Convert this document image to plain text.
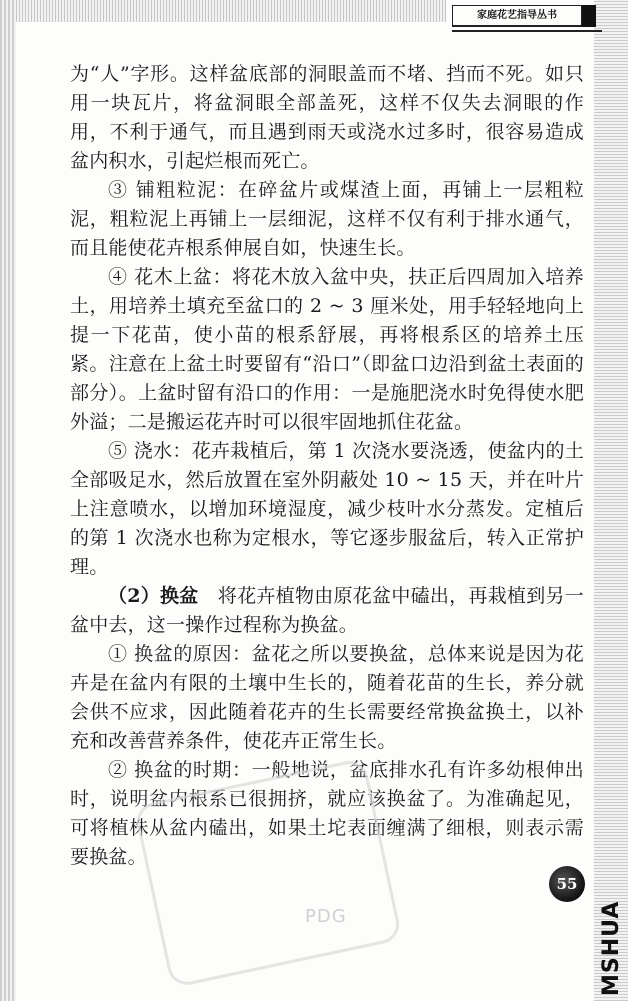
家庭花艺指导丛书

为“人”字形。这样盆底部的洞眼盖而不堵、挡而不死。如只用一块瓦片，将盆洞眼全部盖死，这样不仅失去洞眼的作用，不利于通气，而且遇到雨天或浇水过多时，很容易造成盆内积水，引起烂根而死亡。

③ 铺粗粒泥：在碎盆片或煤渣上面，再铺上一层粗粒泥，粗粒泥上再铺上一层细泥，这样不仅有利于排水通气，而且能使花卉根系伸展自如，快速生长。

④ 花木上盆：将花木放入盆中央，扶正后四周加入培养土，用培养土填充至盆口的 2 ~ 3 厘米处，用手轻轻地向上提一下花苗，使小苗的根系舒展，再将根系区的培养土压紧。注意在上盆土时要留有“沿口”（即盆口边沿到盆土表面的部分）。上盆时留有沿口的作用：一是施肥浇水时免得使水肥外溢；二是搬运花卉时可以很牢固地抓住花盆。

⑤ 浇水：花卉栽植后，第 1 次浇水要浇透，使盆内的土全部吸足水，然后放置在室外阴蔽处 10 ~ 15 天，并在叶片上注意喷水，以增加环境湿度，减少枝叶水分蒸发。定植后的第 1 次浇水也称为定根水，等它逐步服盆后，转入正常护理。

（2）换盆　将花卉植物由原花盆中磕出，再栽植到另一盆中去，这一操作过程称为换盆。

① 换盆的原因：盆花之所以要换盆，总体来说是因为花卉是在盆内有限的土壤中生长的，随着花苗的生长，养分就会供不应求，因此随着花卉的生长需要经常换盆换土，以补充和改善营养条件，使花卉正常生长。

② 换盆的时期：一般地说，盆底排水孔有许多幼根伸出时，说明盆内根系已很拥挤，就应该换盆了。为准确起见，可将植株从盆内磕出，如果土坨表面缠满了细根，则表示需要换盆。

PDG
55
MSHUA
